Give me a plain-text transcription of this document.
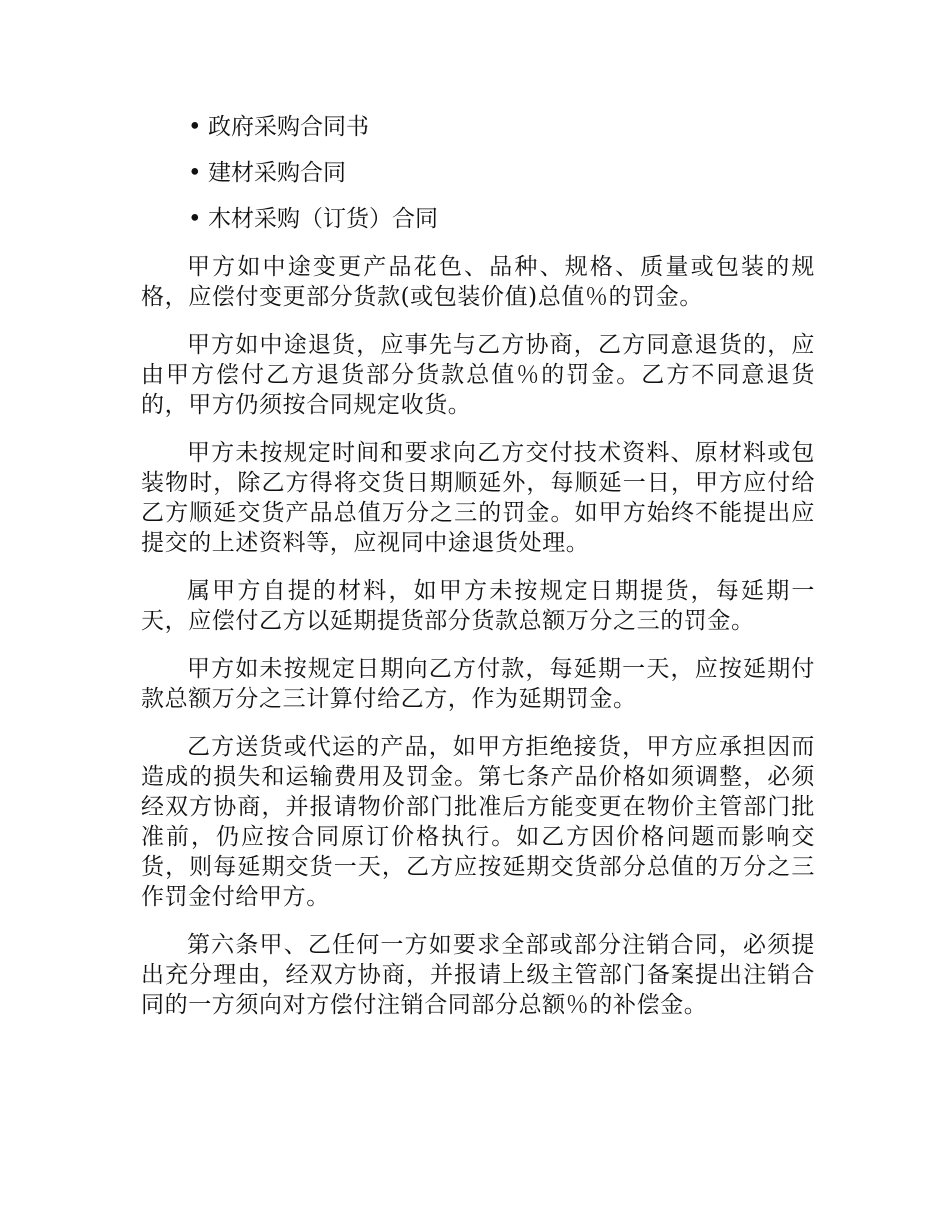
• 政府采购合同书
• 建材采购合同
• 木材采购（订货）合同

甲方如中途变更产品花色、品种、规格、质量或包装的规格，应偿付变更部分货款(或包装价值)总值％的罚金。

甲方如中途退货，应事先与乙方协商，乙方同意退货的，应由甲方偿付乙方退货部分货款总值％的罚金。乙方不同意退货的，甲方仍须按合同规定收货。

甲方未按规定时间和要求向乙方交付技术资料、原材料或包装物时，除乙方得将交货日期顺延外，每顺延一日，甲方应付给乙方顺延交货产品总值万分之三的罚金。如甲方始终不能提出应提交的上述资料等，应视同中途退货处理。

属甲方自提的材料，如甲方未按规定日期提货，每延期一天，应偿付乙方以延期提货部分货款总额万分之三的罚金。

甲方如未按规定日期向乙方付款，每延期一天，应按延期付款总额万分之三计算付给乙方，作为延期罚金。

乙方送货或代运的产品，如甲方拒绝接货，甲方应承担因而造成的损失和运输费用及罚金。第七条产品价格如须调整，必须经双方协商，并报请物价部门批准后方能变更在物价主管部门批准前，仍应按合同原订价格执行。如乙方因价格问题而影响交货，则每延期交货一天，乙方应按延期交货部分总值的万分之三作罚金付给甲方。

第六条甲、乙任何一方如要求全部或部分注销合同，必须提出充分理由，经双方协商，并报请上级主管部门备案提出注销合同的一方须向对方偿付注销合同部分总额％的补偿金。
